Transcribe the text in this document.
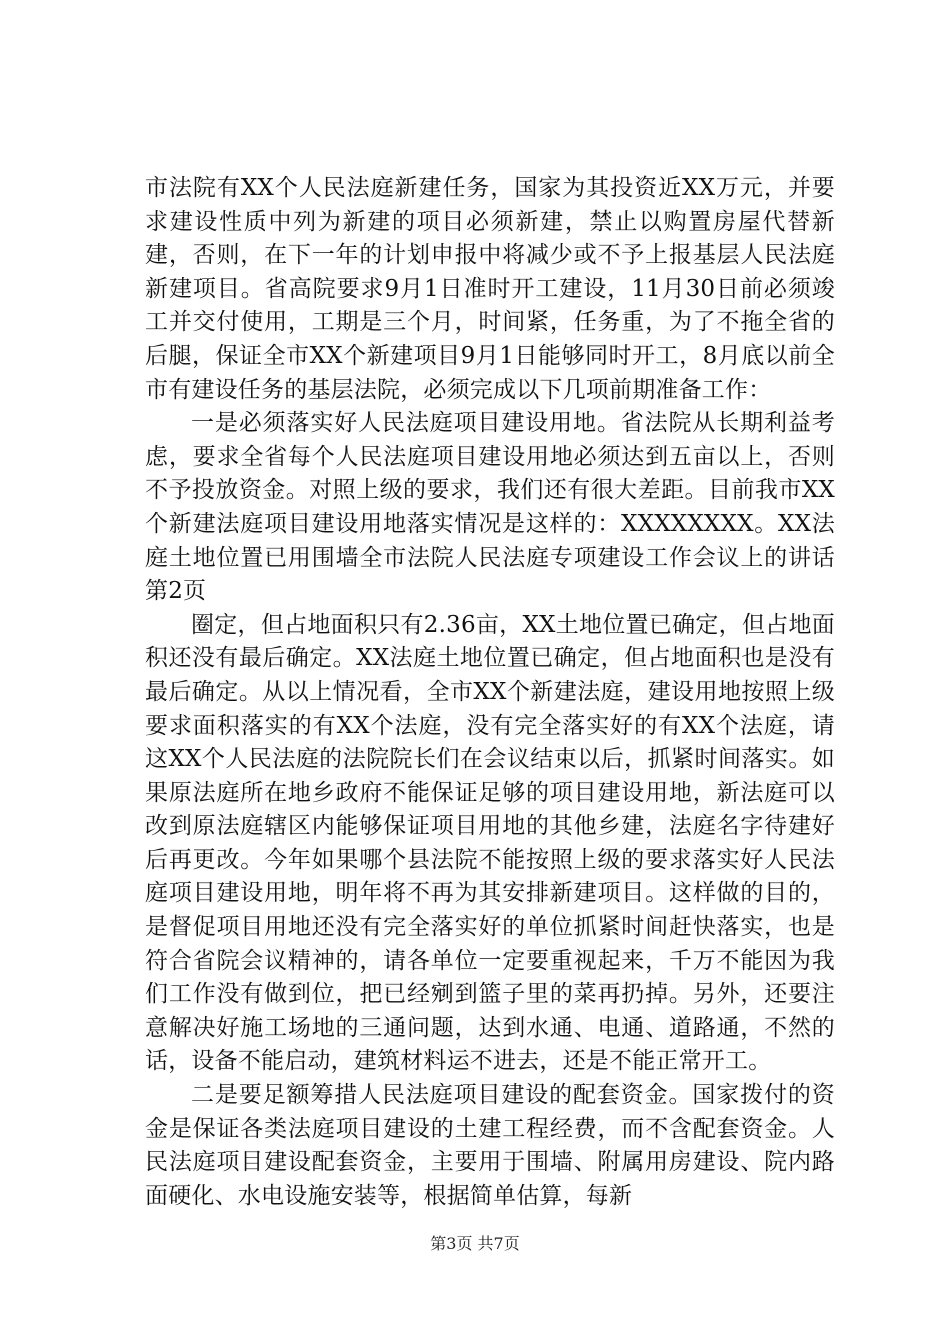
市法院有XX个人民法庭新建任务，国家为其投资近XX万元，并要求建设性质中列为新建的项目必须新建，禁止以购置房屋代替新建，否则，在下一年的计划申报中将减少或不予上报基层人民法庭新建项目。省高院要求9月1日准时开工建设，11月30日前必须竣工并交付使用，工期是三个月，时间紧，任务重，为了不拖全省的后腿，保证全市XX个新建项目9月1日能够同时开工，8月底以前全市有建设任务的基层法院，必须完成以下几项前期准备工作：

一是必须落实好人民法庭项目建设用地。省法院从长期利益考虑，要求全省每个人民法庭项目建设用地必须达到五亩以上，否则不予投放资金。对照上级的要求，我们还有很大差距。目前我市XX个新建法庭项目建设用地落实情况是这样的：XXXXXXXX。XX法庭土地位置已用围墙全市法院人民法庭专项建设工作会议上的讲话第2页

圈定，但占地面积只有2.36亩，XX土地位置已确定，但占地面积还没有最后确定。XX法庭土地位置已确定，但占地面积也是没有最后确定。从以上情况看，全市XX个新建法庭，建设用地按照上级要求面积落实的有XX个法庭，没有完全落实好的有XX个法庭，请这XX个人民法庭的法院院长们在会议结束以后，抓紧时间落实。如果原法庭所在地乡政府不能保证足够的项目建设用地，新法庭可以改到原法庭辖区内能够保证项目用地的其他乡建，法庭名字待建好后再更改。今年如果哪个县法院不能按照上级的要求落实好人民法庭项目建设用地，明年将不再为其安排新建项目。这样做的目的，是督促项目用地还没有完全落实好的单位抓紧时间赶快落实，也是符合省院会议精神的，请各单位一定要重视起来，千万不能因为我们工作没有做到位，把已经剜到篮子里的菜再扔掉。另外，还要注意解决好施工场地的三通问题，达到水通、电通、道路通，不然的话，设备不能启动，建筑材料运不进去，还是不能正常开工。

二是要足额筹措人民法庭项目建设的配套资金。国家拨付的资金是保证各类法庭项目建设的土建工程经费，而不含配套资金。人民法庭项目建设配套资金，主要用于围墙、附属用房建设、院内路面硬化、水电设施安装等，根据简单估算，每新

第3页 共7页
